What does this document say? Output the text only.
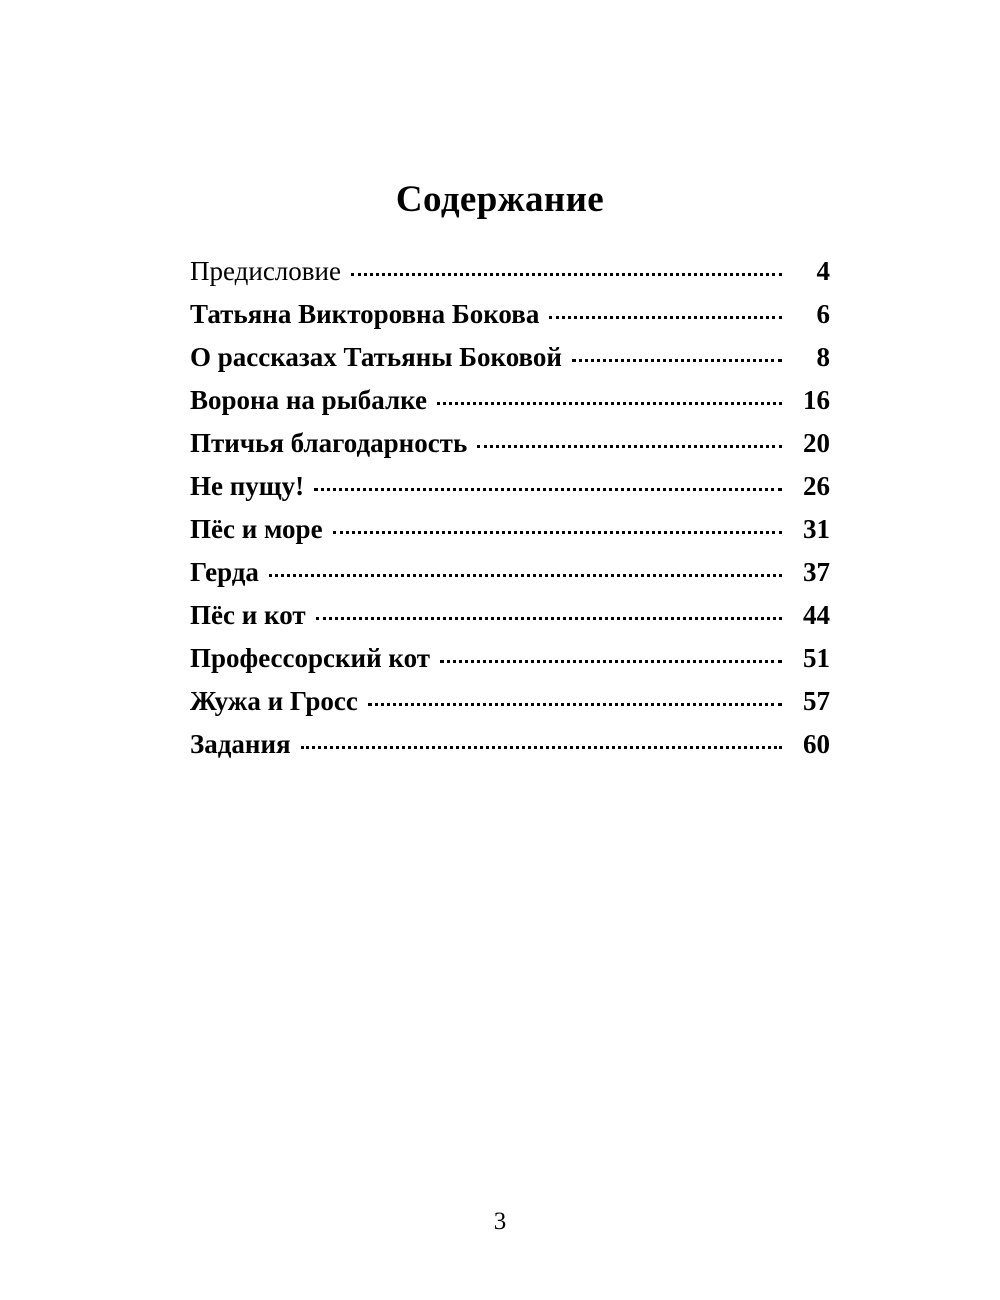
Содержание
Предисловие	4
Татьяна Викторовна Бокова	6
О рассказах Татьяны Боковой	8
Ворона на рыбалке	16
Птичья благодарность	20
Не пущу!	26
Пёс и море	31
Герда	37
Пёс и кот	44
Профессорский кот	51
Жужа и Гросс	57
Задания	60
3
